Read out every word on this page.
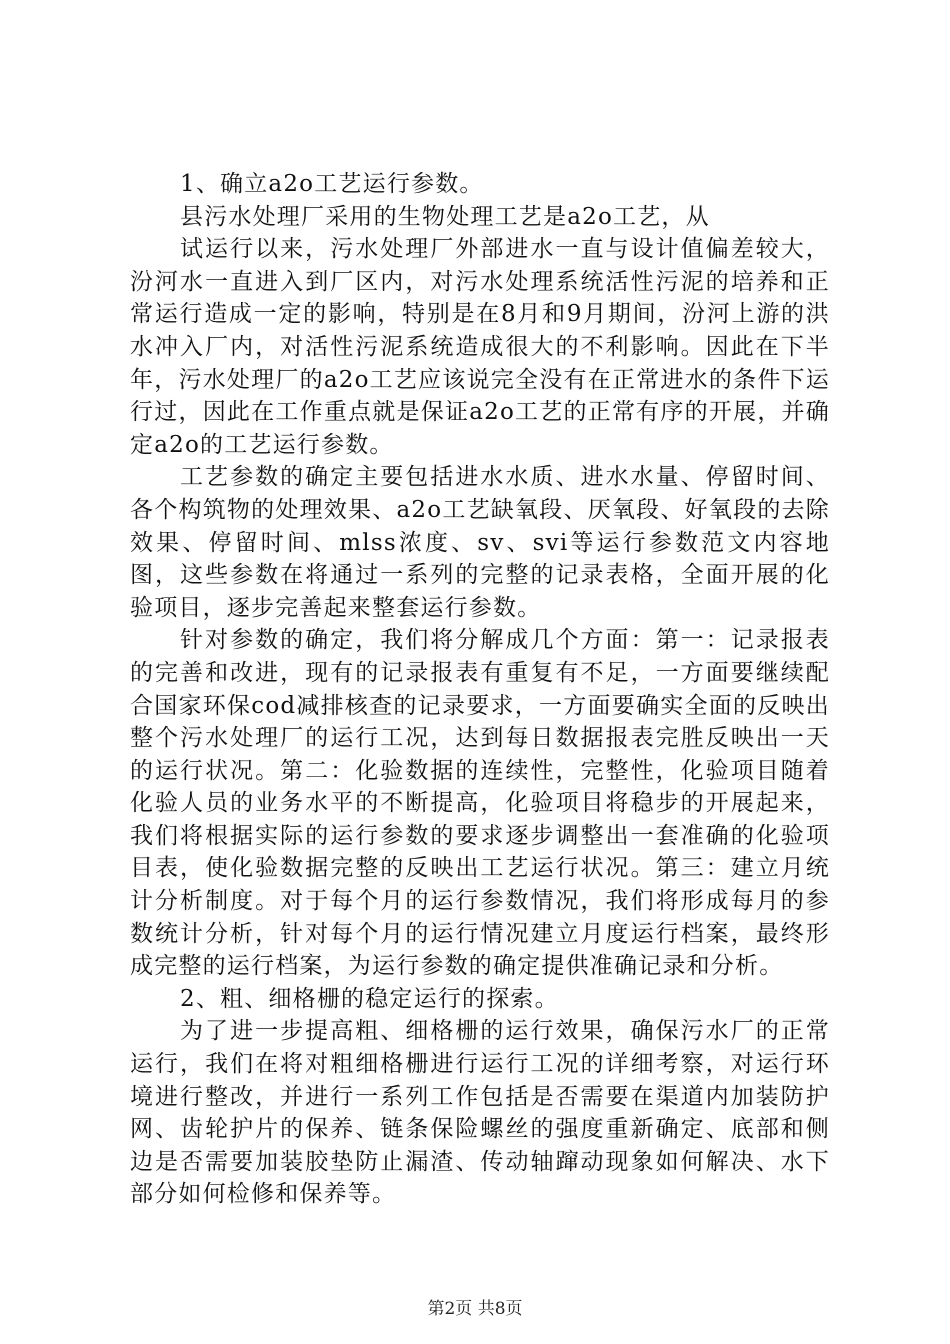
1、确立a2o工艺运行参数。

县污水处理厂采用的生物处理工艺是a2o工艺，从

试运行以来，污水处理厂外部进水一直与设计值偏差较大，汾河水一直进入到厂区内，对污水处理系统活性污泥的培养和正常运行造成一定的影响，特别是在8月和9月期间，汾河上游的洪水冲入厂内，对活性污泥系统造成很大的不利影响。因此在下半年，污水处理厂的a2o工艺应该说完全没有在正常进水的条件下运行过，因此在工作重点就是保证a2o工艺的正常有序的开展，并确定a2o的工艺运行参数。

工艺参数的确定主要包括进水水质、进水水量、停留时间、各个构筑物的处理效果、a2o工艺缺氧段、厌氧段、好氧段的去除效果、停留时间、mlss浓度、sv、svi等运行参数范文内容地图，这些参数在将通过一系列的完整的记录表格，全面开展的化验项目，逐步完善起来整套运行参数。

针对参数的确定，我们将分解成几个方面：第一：记录报表的完善和改进，现有的记录报表有重复有不足，一方面要继续配合国家环保cod减排核查的记录要求，一方面要确实全面的反映出整个污水处理厂的运行工况，达到每日数据报表完胜反映出一天的运行状况。第二：化验数据的连续性，完整性，化验项目随着化验人员的业务水平的不断提高，化验项目将稳步的开展起来，我们将根据实际的运行参数的要求逐步调整出一套准确的化验项目表，使化验数据完整的反映出工艺运行状况。第三：建立月统计分析制度。对于每个月的运行参数情况，我们将形成每月的参数统计分析，针对每个月的运行情况建立月度运行档案，最终形成完整的运行档案，为运行参数的确定提供准确记录和分析。

2、粗、细格栅的稳定运行的探索。

为了进一步提高粗、细格栅的运行效果，确保污水厂的正常运行，我们在将对粗细格栅进行运行工况的详细考察，对运行环境进行整改，并进行一系列工作包括是否需要在渠道内加装防护网、齿轮护片的保养、链条保险螺丝的强度重新确定、底部和侧边是否需要加装胶垫防止漏渣、传动轴蹿动现象如何解决、水下部分如何检修和保养等。

第2页 共8页
